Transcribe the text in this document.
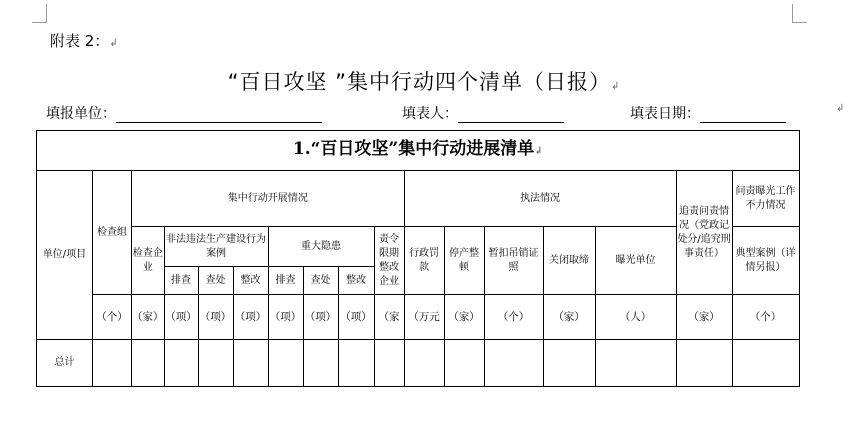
附表 2：↲
“百日攻坚 ”集中行动四个清单（日报）↲
填报单位：	填表人：	填表日期：	↲
1.“百日攻坚”集中行动进展清单↲																
单位/项目	检查组	集中行动开展情况								执法情况					追责问责情况（党政记处分/追究刑事责任）	问责曝光工作不力情况
		检查企业	非法违法生产建设行为案例			重大隐患			责令限期整改企业	行政罚款	停产整顿	暂扣吊销证照	关闭取缔	曝光单位		典型案例（详情另报）
			排查	查处	整改	排查	查处	整改								
	（个）	（家）	（项）	（项）	（项）	（项）	（项）	（项）	（家	（万元	（家）	（个）	（家）	（人）	（家）	（个）
总计																
